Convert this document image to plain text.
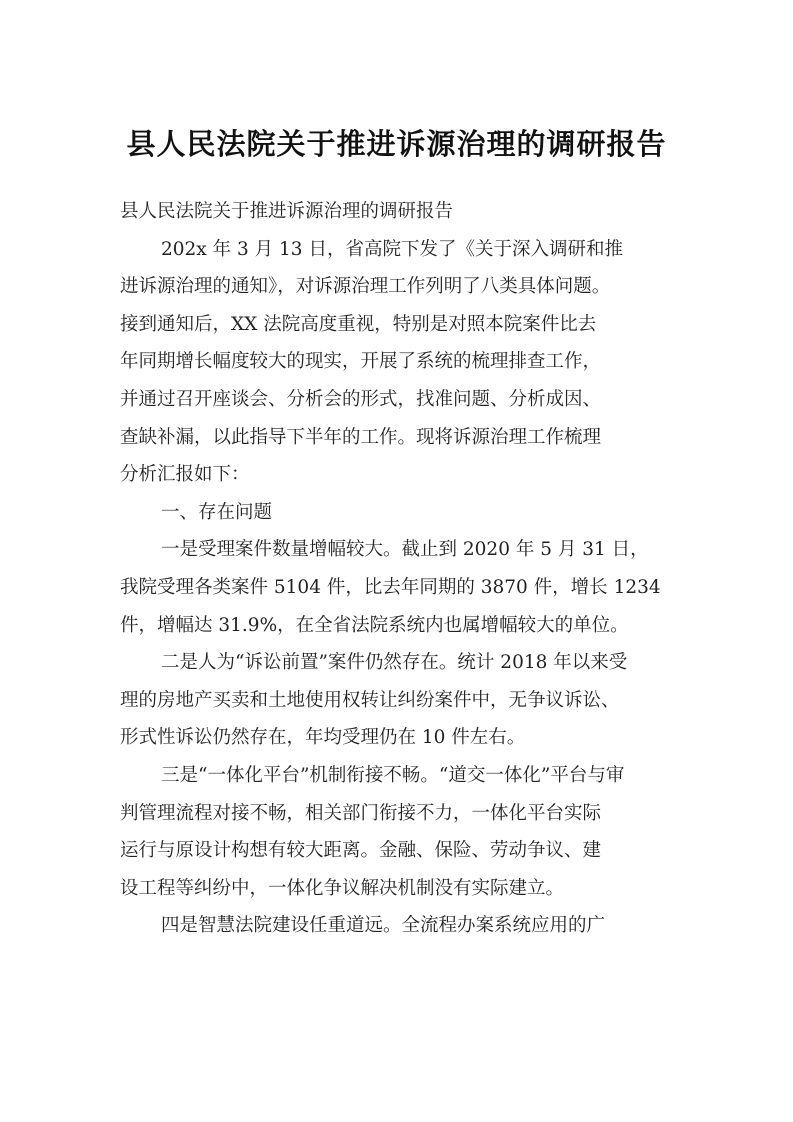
县人民法院关于推进诉源治理的调研报告
县人民法院关于推进诉源治理的调研报告
202x 年 3 月 13 日，省高院下发了《关于深入调研和推
进诉源治理的通知》，对诉源治理工作列明了八类具体问题。
接到通知后，XX 法院高度重视，特别是对照本院案件比去
年同期增长幅度较大的现实，开展了系统的梳理排查工作，
并通过召开座谈会、分析会的形式，找准问题、分析成因、
查缺补漏，以此指导下半年的工作。现将诉源治理工作梳理
分析汇报如下：
一、存在问题
一是受理案件数量增幅较大。截止到 2020 年 5 月 31 日，
我院受理各类案件 5104 件，比去年同期的 3870 件，增长 1234
件，增幅达 31.9%，在全省法院系统内也属增幅较大的单位。
二是人为“诉讼前置”案件仍然存在。统计 2018 年以来受
理的房地产买卖和土地使用权转让纠纷案件中，无争议诉讼、
形式性诉讼仍然存在，年均受理仍在 10 件左右。
三是“一体化平台”机制衔接不畅。“道交一体化”平台与审
判管理流程对接不畅，相关部门衔接不力，一体化平台实际
运行与原设计构想有较大距离。金融、保险、劳动争议、建
设工程等纠纷中，一体化争议解决机制没有实际建立。
四是智慧法院建设任重道远。全流程办案系统应用的广
